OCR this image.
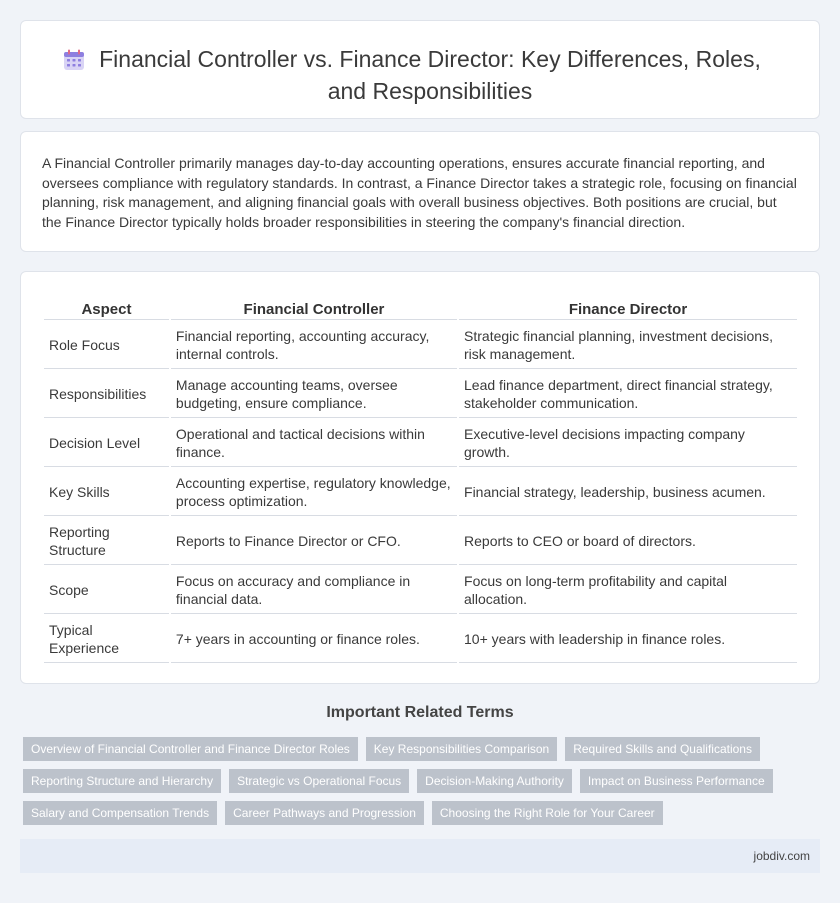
Financial Controller vs. Finance Director: Key Differences, Roles, and Responsibilities

A Financial Controller primarily manages day-to-day accounting operations, ensures accurate financial reporting, and oversees compliance with regulatory standards. In contrast, a Finance Director takes a strategic role, focusing on financial planning, risk management, and aligning financial goals with overall business objectives. Both positions are crucial, but the Finance Director typically holds broader responsibilities in steering the company's financial direction.

Aspect	Financial Controller	Finance Director
Role Focus	Financial reporting, accounting accuracy, internal controls.	Strategic financial planning, investment decisions, risk management.
Responsibilities	Manage accounting teams, oversee budgeting, ensure compliance.	Lead finance department, direct financial strategy, stakeholder communication.
Decision Level	Operational and tactical decisions within finance.	Executive-level decisions impacting company growth.
Key Skills	Accounting expertise, regulatory knowledge, process optimization.	Financial strategy, leadership, business acumen.
Reporting Structure	Reports to Finance Director or CFO.	Reports to CEO or board of directors.
Scope	Focus on accuracy and compliance in financial data.	Focus on long-term profitability and capital allocation.
Typical Experience	7+ years in accounting or finance roles.	10+ years with leadership in finance roles.
Important Related Terms
Overview of Financial Controller and Finance Director Roles	Key Responsibilities Comparison	Required Skills and Qualifications
Reporting Structure and Hierarchy	Strategic vs Operational Focus	Decision-Making Authority	Impact on Business Performance
Salary and Compensation Trends	Career Pathways and Progression	Choosing the Right Role for Your Career
jobdiv.com
